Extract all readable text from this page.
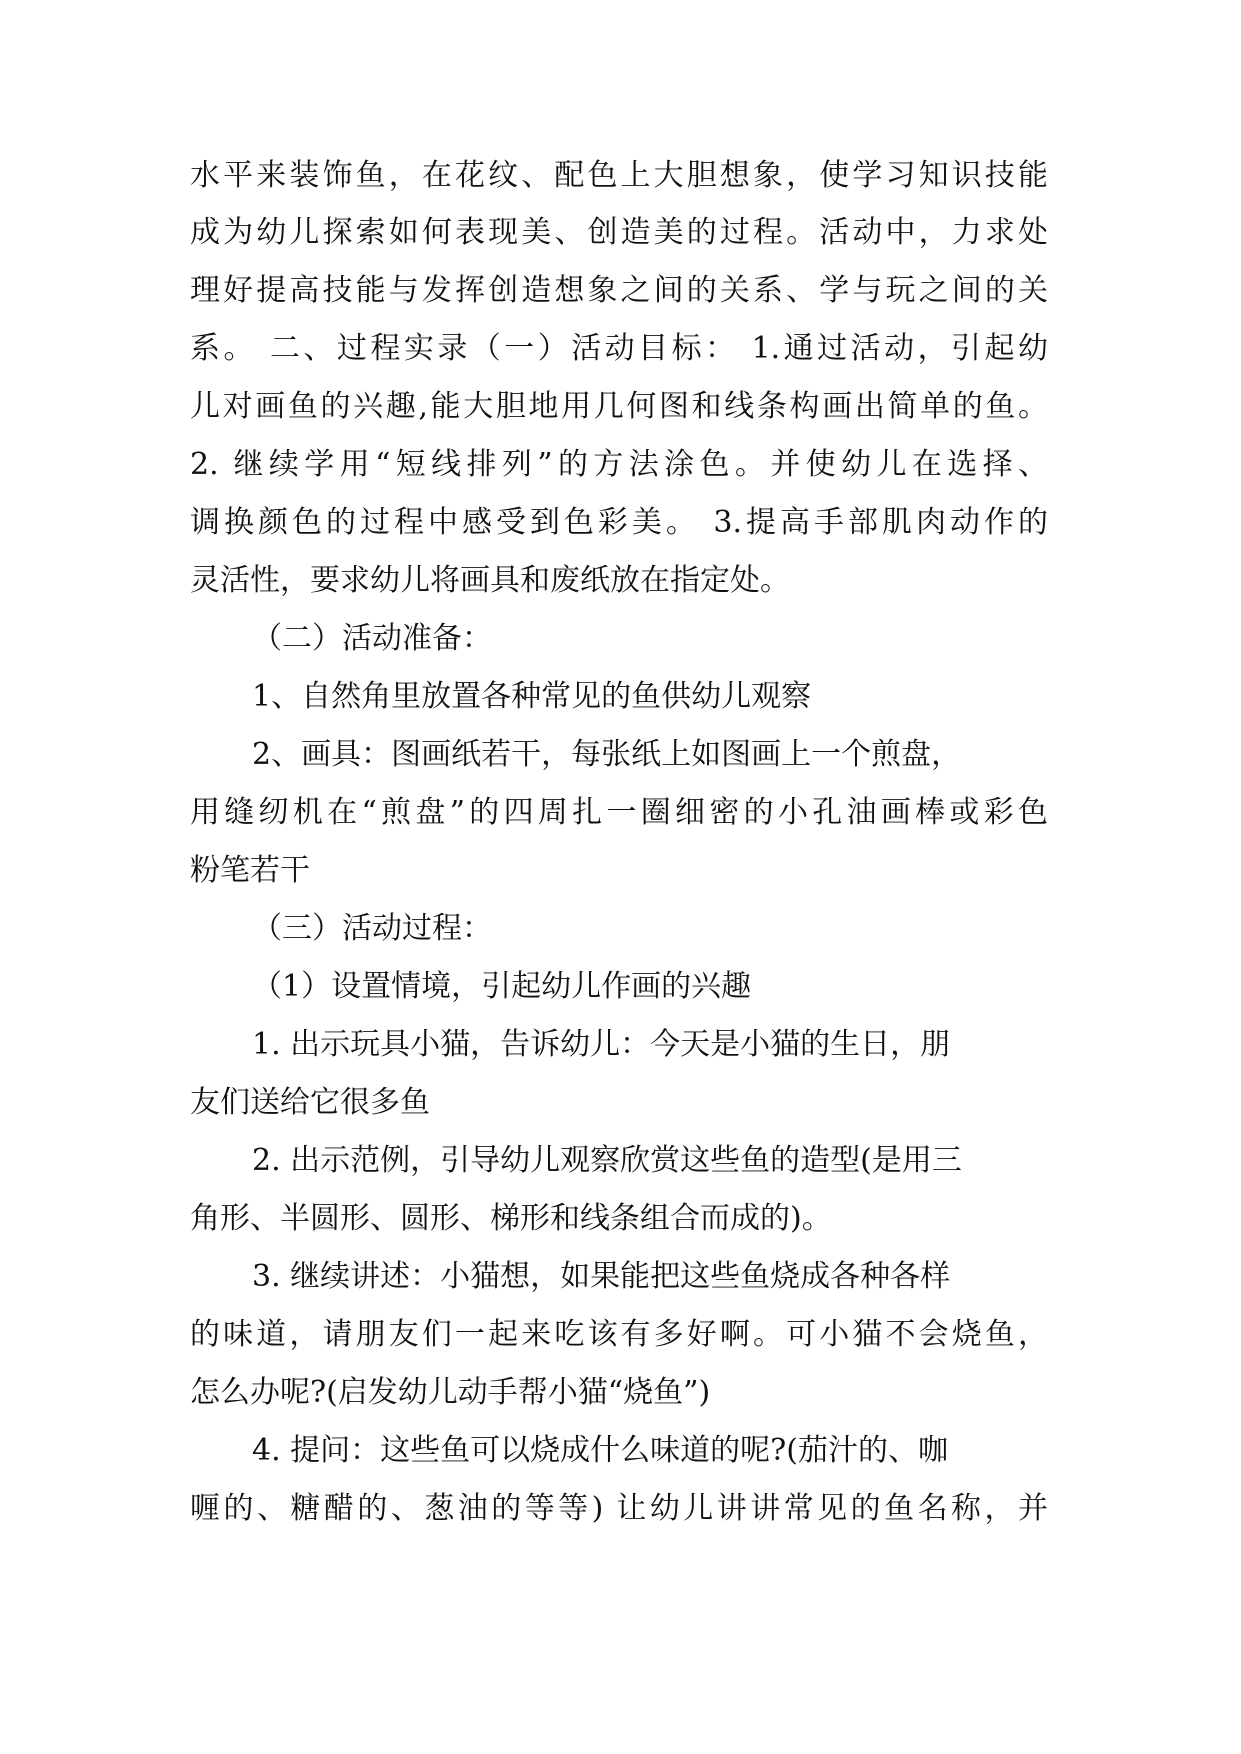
水平来装饰鱼，在花纹、配色上大胆想象，使学习知识技能
成为幼儿探索如何表现美、创造美的过程。活动中，力求处
理好提高技能与发挥创造想象之间的关系、学与玩之间的关
系。 二、过程实录（一）活动目标： 1.通过活动，引起幼
儿对画鱼的兴趣,能大胆地用几何图和线条构画出简单的鱼。
2. 继续学用“短线排列”的方法涂色。并使幼儿在选择、
调换颜色的过程中感受到色彩美。 3.提高手部肌肉动作的
灵活性，要求幼儿将画具和废纸放在指定处。
（二）活动准备：
1、自然角里放置各种常见的鱼供幼儿观察
2、画具：图画纸若干，每张纸上如图画上一个煎盘，
用缝纫机在“煎盘”的四周扎一圈细密的小孔油画棒或彩色
粉笔若干
（三）活动过程：
（1）设置情境，引起幼儿作画的兴趣
1. 出示玩具小猫，告诉幼儿：今天是小猫的生日，朋
友们送给它很多鱼
2. 出示范例，引导幼儿观察欣赏这些鱼的造型(是用三
角形、半圆形、圆形、梯形和线条组合而成的)。
3. 继续讲述：小猫想，如果能把这些鱼烧成各种各样
的味道，请朋友们一起来吃该有多好啊。可小猫不会烧鱼，
怎么办呢?(启发幼儿动手帮小猫“烧鱼”)
4. 提问：这些鱼可以烧成什么味道的呢?(茄汁的、咖
喱的、糖醋的、葱油的等等) 让幼儿讲讲常见的鱼名称，并
